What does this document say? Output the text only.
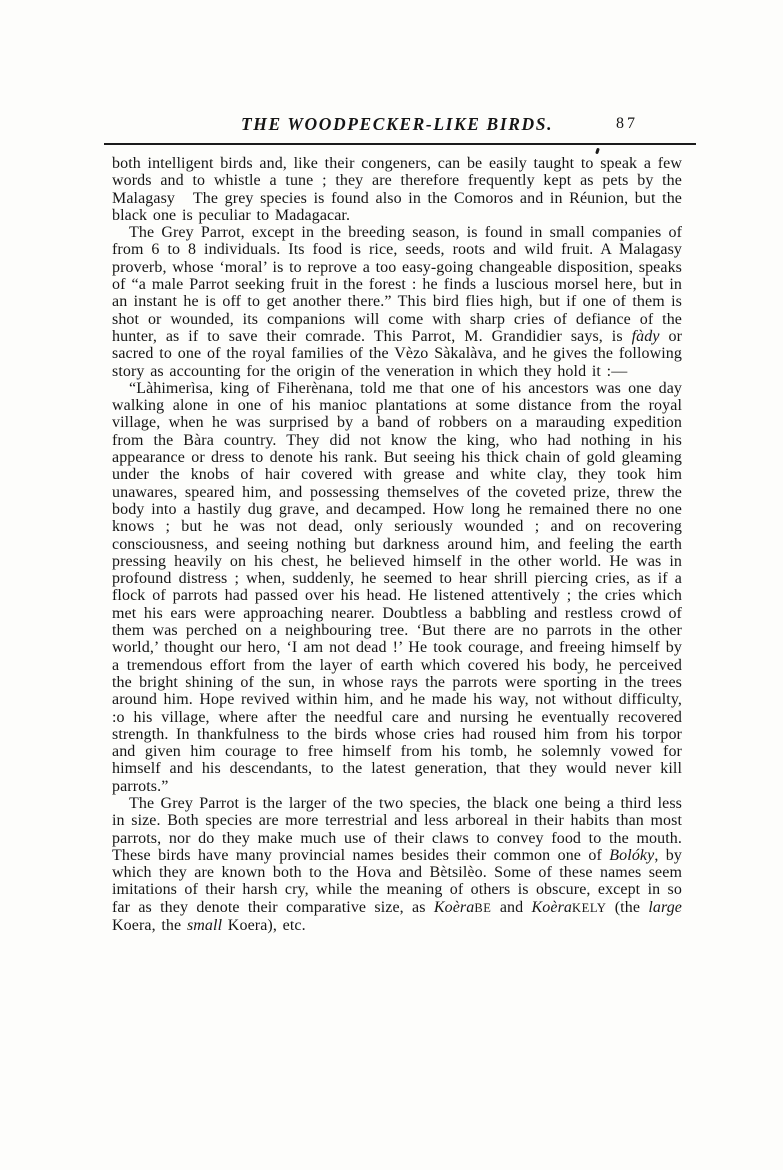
THE WOODPECKER-LIKE BIRDS.	87

both intelligent birds and, like their congeners, can be easily taught to speak a few words and to whistle a tune ; they are therefore frequently kept as pets by the Malagasy　The grey species is found also in the Comoros and in Réunion, but the black one is peculiar to Madagacar.

The Grey Parrot, except in the breeding season, is found in small companies of from 6 to 8 individuals. Its food is rice, seeds, roots and wild fruit. A Malagasy proverb, whose ‘moral’ is to reprove a too easy-going changeable disposition, speaks of “a male Parrot seeking fruit in the forest : he finds a luscious morsel here, but in an instant he is off to get another there.” This bird flies high, but if one of them is shot or wounded, its companions will come with sharp cries of defiance of the hunter, as if to save their comrade. This Parrot, M. Grandidier says, is fàdy or sacred to one of the royal families of the Vèzo Sàkalàva, and he gives the following story as accounting for the origin of the veneration in which they hold it :—

“Làhimerìsa, king of Fiherènana, told me that one of his ancestors was one day walking alone in one of his manioc plantations at some distance from the royal village, when he was surprised by a band of robbers on a marauding expedition from the Bàra country. They did not know the king, who had nothing in his appearance or dress to denote his rank. But seeing his thick chain of gold gleaming under the knobs of hair covered with grease and white clay, they took him unawares, speared him, and possessing themselves of the coveted prize, threw the body into a hastily dug grave, and decamped. How long he remained there no one knows ; but he was not dead, only seriously wounded ; and on recovering consciousness, and seeing nothing but darkness around him, and feeling the earth pressing heavily on his chest, he believed himself in the other world. He was in profound distress ; when, suddenly, he seemed to hear shrill piercing cries, as if a flock of parrots had passed over his head. He listened attentively ; the cries which met his ears were approaching nearer. Doubtless a babbling and restless crowd of them was perched on a neighbouring tree. ‘But there are no parrots in the other world,’ thought our hero, ‘I am not dead !’ He took courage, and freeing himself by a tremendous effort from the layer of earth which covered his body, he perceived the bright shining of the sun, in whose rays the parrots were sporting in the trees around him. Hope revived within him, and he made his way, not without difficulty, :o his village, where after the needful care and nursing he eventually recovered strength. In thankfulness to the birds whose cries had roused him from his torpor and given him courage to free himself from his tomb, he solemnly vowed for himself and his descendants, to the latest generation, that they would never kill parrots.”

The Grey Parrot is the larger of the two species, the black one being a third less in size. Both species are more terrestrial and less arboreal in their habits than most parrots, nor do they make much use of their claws to convey food to the mouth. These birds have many provincial names besides their common one of Bolóky, by which they are known both to the Hova and Bètsilèo. Some of these names seem imitations of their harsh cry, while the meaning of others is obscure, except in so far as they denote their comparative size, as KoèraBE and KoèraKELY (the large Koera, the small Koera), etc.
